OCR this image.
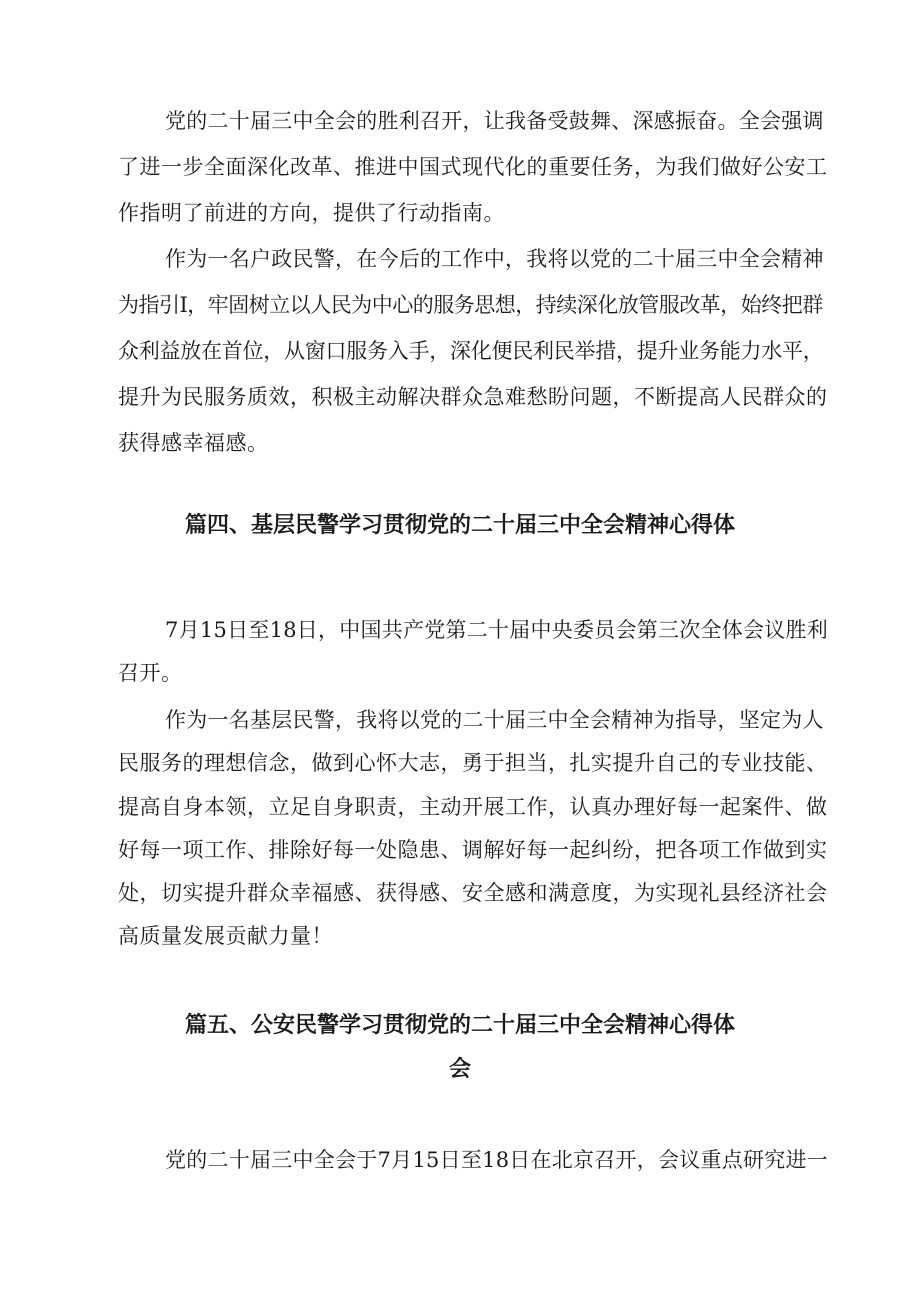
党的二十届三中全会的胜利召开，让我备受鼓舞、深感振奋。全会强调
了进一步全面深化改革、推进中国式现代化的重要任务，为我们做好公安工
作指明了前进的方向，提供了行动指南。
作为一名户政民警，在今后的工作中，我将以党的二十届三中全会精神
为指引I，牢固树立以人民为中心的服务思想，持续深化放管服改革，始终把群
众利益放在首位，从窗口服务入手，深化便民利民举措，提升业务能力水平，
提升为民服务质效，积极主动解决群众急难愁盼问题，不断提高人民群众的
获得感幸福感。
篇四、基层民警学习贯彻党的二十届三中全会精神心得体
7月15日至18日，中国共产党第二十届中央委员会第三次全体会议胜利
召开。
作为一名基层民警，我将以党的二十届三中全会精神为指导，坚定为人
民服务的理想信念，做到心怀大志，勇于担当，扎实提升自己的专业技能、
提高自身本领，立足自身职责，主动开展工作，认真办理好每一起案件、做
好每一项工作、排除好每一处隐患、调解好每一起纠纷，把各项工作做到实
处，切实提升群众幸福感、获得感、安全感和满意度，为实现礼县经济社会
高质量发展贡献力量！
篇五、公安民警学习贯彻党的二十届三中全会精神心得体
会
党的二十届三中全会于7月15日至18日在北京召开，会议重点研究进一
